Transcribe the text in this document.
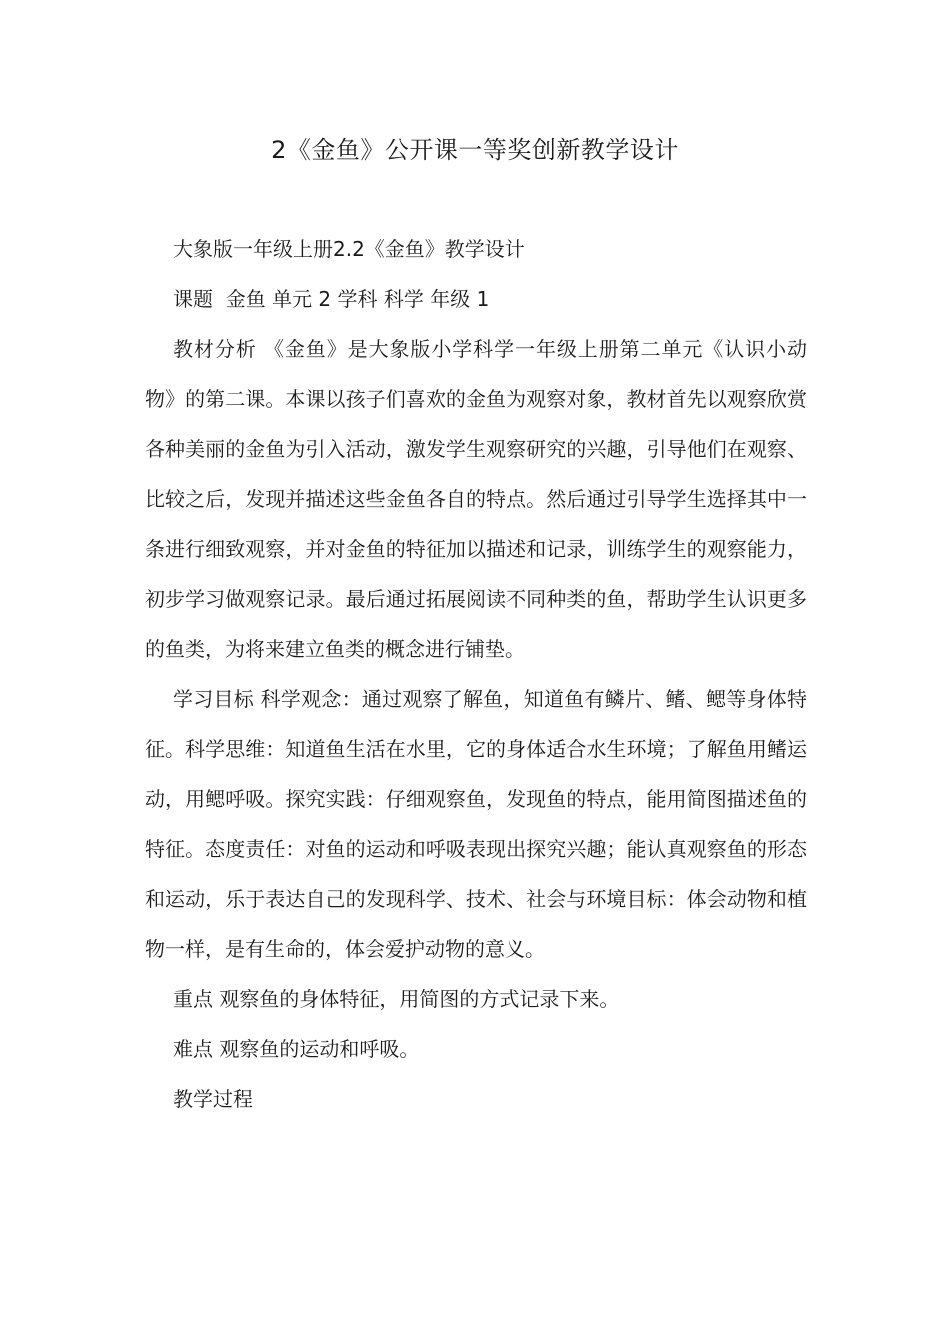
2《金鱼》公开课一等奖创新教学设计

大象版一年级上册2.2《金鱼》教学设计

课题  金鱼 单元 2 学科 科学 年级 1

教材分析 《金鱼》是大象版小学科学一年级上册第二单元《认识小动物》的第二课。本课以孩子们喜欢的金鱼为观察对象，教材首先以观察欣赏各种美丽的金鱼为引入活动，激发学生观察研究的兴趣，引导他们在观察、比较之后，发现并描述这些金鱼各自的特点。然后通过引导学生选择其中一条进行细致观察，并对金鱼的特征加以描述和记录，训练学生的观察能力，初步学习做观察记录。最后通过拓展阅读不同种类的鱼，帮助学生认识更多的鱼类，为将来建立鱼类的概念进行铺垫。

学习目标 科学观念：通过观察了解鱼，知道鱼有鳞片、鳍、鳃等身体特征。科学思维：知道鱼生活在水里，它的身体适合水生环境；了解鱼用鳍运动，用鳃呼吸。探究实践：仔细观察鱼，发现鱼的特点，能用简图描述鱼的特征。态度责任：对鱼的运动和呼吸表现出探究兴趣；能认真观察鱼的形态和运动，乐于表达自己的发现科学、技术、社会与环境目标：体会动物和植物一样，是有生命的，体会爱护动物的意义。

重点 观察鱼的身体特征，用简图的方式记录下来。

难点 观察鱼的运动和呼吸。

教学过程
